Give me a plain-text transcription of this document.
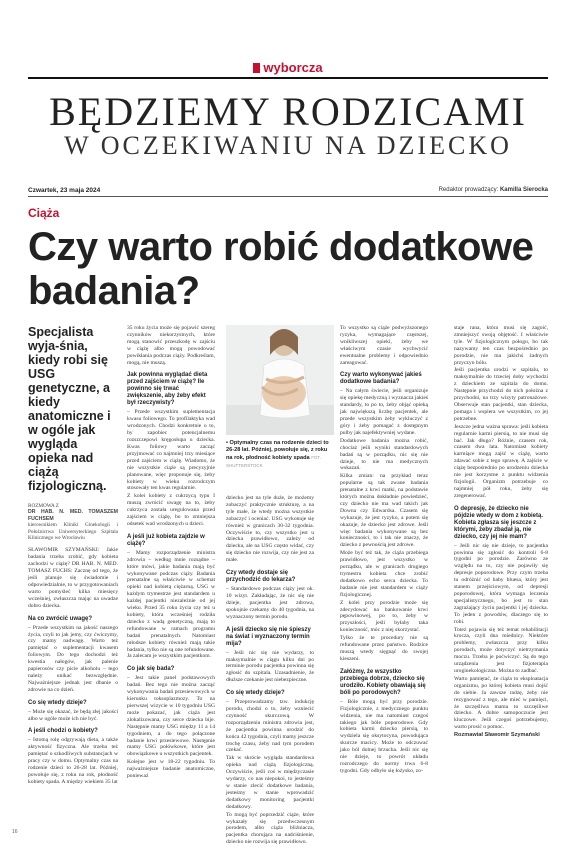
wyborcza
BĘDZIEMY RODZICAMI
W OCZEKIWANIU NA DZIECKO
Czwartek, 23 maja 2024	Redaktor prowadzący: Kamilla Sierocka
Ciąża
Czy warto robić dodatkowe badania?
Specjalista wyja-śnia, kiedy robi się USG genetyczne, a kiedy anatomiczne i w ogóle jak wygląda opieka nad ciążą fizjologiczną.
ROZMOWA Z
DR HAB. N. MED. TOMASZEM FUCHSEM
kierownikiem Kliniki Ginekologii i Położnictwa Uniwersyteckiego Szpitala Klinicznego we Wrocławiu

SŁAWOMIR SZYMAŃSKI: Jakie badania trzeba zrobić, gdy kobieta zachodzi w ciążę? DR HAB. N. MED. TOMASZ FUCHS: Zacznę od tego, że jeśli planuje się świadomie i odpowiedzialnie, to w przygotowaniach warto pomyśleć kilka miesięcy wcześniej, zwłaszcza mając na uwadze dobro dziecka.

Na co zwrócić uwagę?

– Przede wszystkim na jakość naszego życia, czyli to jak jemy, czy ćwiczymy, czy mamy nadwagę. Warto też pamiętać o suplementacji kwasem foliowym. Do tego dochodzi też kwestia nałogów, jak palenie papierosów czy picie alkoholu – tego należy unikać bezwzględnie. Najważniejsze jednak jest dbanie o zdrowie na co dzień.

Co się wtedy dzieje?

– Może się okazać, że będą złej jakości albo w ogóle może ich nie być.

A jeśli chodzi o kobiety?

– Istotną rolę odgrywają dieta, a także aktywność fizyczna. Ale trzeba też pamiętać o szkodliwych substancjach w pracy czy w domu. Optymalny czas na rodzenie dzieci to 26-28 lat. Później, powołuje się, z roku na rok, płodność kobiety spada. A między wiekiem 35 lat

35 roku życia może się pojawić szereg czynników niekorzystnych, które mogą stanowić przeszkodę w zajściu w ciążę albo mogą powodować powikłania podczas ciąży. Podkreślam, mogą, nie muszą.

Jak powinna wyglądać dieta przed zajściem w ciążę? Ile powinno się trwać zwiększenie, aby żeby efekt był rzeczywisty?

– Przede wszystkim suplementacja kwasu foliowego. To profilaktyka wad wrodzonych. Chodzi konkretnie o to, by zapobiec potencjalnemu rozszczepowi kręgosłupa u dziecka. Kwas foliowy warto zacząć przyjmować co najmniej trzy miesiące przed zajściem w ciążę. Wiadomo, że nie wszystkie ciąże są precyzyjnie planowane, więc proponuje się, żeby kobiety w wieku rozrodczym stosowały ten kwas regularnie.

Z kolei kobiety z cukrzycą typu I muszą zwrócić uwagę na to, żeby cukrzyca została uregulowana przed zajściem w ciążę, bo to zmniejsza odsetek wad wrodzonych u dzieci.

A jeśli już kobieta zajdzie w ciążę?

– Mamy rozporządzenie ministra zdrowia – według mnie rozsądne – które mówi, jakie badania mają być wykonywane podczas ciąży. Badania prenatalne są właściwie w schemat opieki nad kobietą ciężarną. USG w każdym trymestrze jest standardem u każdej pacjentki niezależnie od jej wieku. Przed 35 roku życia czy też u kobiety, która wcześniej rodziła dziecko z wadą genetyczną, mają to refundowane w ramach programu badań prenatalnych. Natomiast młodsze kobiety również mają takie badania, tylko nie są one refundowane. Ja zalecam je wszystkim pacjentkom.

Co jak się bada?

– Jest takie panel podstawowych badań. Bez tego nie można zacząć wykonywania badań przesiewowych w kierunku toksoplazmozy. To na pierwszej wizycie w 10 tygodniu USG może pokazać, jak ciąża jest zlokalizowana, czy serce dziecka bije. Następnie mamy USG między 11 a 14 tygodniem, a do tego połączone badanie krwi przesiewowe. Następnie mamy USG połówkowe, które jest obowiązkowe u wszystkich pacjentek.

Kolejne jest w 18-22 tygodniu. To najważniejsze badanie anatomiczne, ponieważ

• Optymalny czas na rodzenie dzieci to 26-28 lat. Później, powołuje się, z roku na rok, płodność kobiety spada FOT. SHUTTERSTOCK

dziecko jest na tyle duże, że możemy zobaczyć praktycznie strukturę, a na tyle małe, że wtedy można wszystkie zobaczyć i oceniać. USG wykonuje się również w granicach 30-32 tygodnia. Oczywiście to, czy wszystko jest u dziecka prawidłowo, zależy od dziecka, ale na USG często widać, czy się dziecko nie rozwija, czy nie jest za małe.

Czy wtedy dostaje się przychodzić do lekarza?

– Standardowo podczas ciąży jest ok. 10 wizyt. Zakładając, że nic się nie dzieje, pacjentka jest zdrowa, spokojnie czekamy do 40 tygodnia, na wyznaczony termin porodu.

A jeśli dziecko się nie śpieszy na świat i wyznaczony termin mija?

– Jeśli nic się nie wydarzy, to maksymalnie w ciągu kilku dni po terminie porodu pacjentka powinna się zgłosić do szpitala. Uzasadnienie, że dłuższe czekanie jest niebezpieczne.

Co się wtedy dzieje?

– Przeprowadzamy tzw. indukcję porodu, chodzi o to, żeby wzniecić czynność skurczową. W rozporządzeniu ministra zdrowia jest, że pacjentka powinna urodzić do końca 42 tygodnia, czyli mamy jeszcze trochę czasu, żeby nad tym porodem czekać.

Tak w skrócie wygląda standardowa opieka nad ciążą fizjologiczną. Oczywiście, jeśli coś w międzyczasie wydarzy, co nas niepokoi, to jesteśmy w stanie zlecić dodatkowe badania, jesteśmy w stanie wprowadzić dodatkowy monitoring pacjentki dodatkowy.

To mogą być poprzedzić ciąże, które wykazały się przedwczesnym porodem, albo ciąża bliźniacza, pacjentka chorująca na nadciśnienie, dziecko nie rozwija się prawidłowo.

To wszystko są ciąże podwyższonego ryzyka, wymagające częstszej, wnikliwszej opieki, żeby we właściwym czasie wychwycić ewentualne problemy i odpowiednio zareagować.

Czy warto wykonywać jakieś dodatkowe badania?

– Na całym świecie, jeśli organizuje się opiekę medyczną i wyznacza jakieś standardy, to po to, żeby objąć opieką jak największą liczbę pacjentek, ale przede wszystkim żeby wykluczyć z góry i żeby pomagać z dostępnym pulby jak najefektywniej wydane.

Dodatkowe badania można robić, chociaż jeśli wyniki standardowych badań są w porządku, nic się nie dzieje, to nie ma medycznych wskazań.

Kilka zmian: na przykład teraz popularne są tak zwane badania prenatalne z krwi matki, na podstawie których można dokładnie powiedzieć, czy dziecko nie ma wad takich jak Downa czy Edwardsa. Czasem się wykazuje, że jest ryzyko, a potem się okazuje, że dziecko jest zdrowe. Jeśli więc badania wykonywane są bez konieczności, to i tak nie znaczy, że dziecko z pewnością jest zdrowe.

Może być też tak, że ciąża przebiega prawidłowo, jest wszystko w porządku, ale w granicach drugiego trymestru kobieta chce zrobić dodatkowo echo serca dziecka. To badanie nie jest standardem w ciąży fizjologicznej.

Z kolei przy porodzie może się zdecydować na bankowanie krwi pępowinowej, po to, żeby w przyszłości, jeśli byłaby taka konieczność, móc z niej skorzystać.

Tylko że te procedury nie są refundowane przez państwo. Rodzice muszą wtedy sięgnąć do swojej kieszeni.

Załóżmy, że wszystko przebiega dobrze, dziecko się urodziło. Kobiety obawiają się bóli po porodowych?

– Bóle mogą być przy porodzie. Fizjologicznie, z medycznego punktu widzenia, nie ma natomiast czegoś takiego jak bóle poporodowe. Gdy kobieta karmi dziecko piersią, to wydziela się oksytocyna, powodująca skurcze macicy. Może to odczuwać jako ból dolnej brzucha. Jeśli nic się nie dzieje, to powrót układu rozrodczego do normy trwa 6-8 tygodni. Gdy odbyło się łożysko, zo-

staje rana, która musi się zagoić, zmniejszyć swoją objętość. I właściwie tyle. W fizjologicznym połogu, bo tak nazywamy ten czas bezpośrednio po porodzie, nie ma jakichś żadnych przyczyn bólu.

Jeśli pacjentka urodzi w szpitalu, to maksymalnie do trzeciej doby wychodzi z dzieckiem ze szpitala do domu. Następnie przychodzi do nich położna z przychodni, na trzy wizyty patronażowe. Obserwuje stan pacjentki, stan dziecka, pomaga i wspiera we wszystkim, co jej potrzebne.

Jeszcze jedna ważna sprawa: jeśli kobieta regularnie karmi piersią, to nie musi się bać. Jak długo? Różnie, czasem rok, czasem dwa lata. Natomiast kobiety karmiące mogą zajść w ciążę, warto zdawać sobie z tego sprawę. A zajście w ciążę bezpośrednio po urodzeniu dziecka nie jest korzystne z punktu widzenia fizjologii. Organizm potrzebuje co najmniej pół roku, żeby się zregenerować.

O depresję, że dziecko nie pójdzie wtedy w dom z kobietą. Kobieta zgłasza się jeszcze z którymi, żeby zbadał ją, nie dziecko, czy jej nie mam?

– Jeśli nic się nie dzieje, to pacjentka powinna się zgłosić do kontroli 6-8 tygodni po porodzie. Zarówno ze względu na to, czy nie pojawiły się depresje poporodowe. Przy czym trzeba tu odróżnić od baby bluesa, który jest stanem przejściowym, od depresji poporodowej, która wymaga leczenia specjalistycznego, bo jest to stan zagrażający życiu pacjentki i jej dziecka. To jeden z powodów, dlaczego się to robi.

Toteż pojawia się też temat rehabilitacji krocza, czyli dna miednicy. Niektóre problemy, zwłaszcza przy kilku porodach, może dotyczyć nietrzymania moczu. Trzeba je poćwiczyć. Są do tego urządzenia jest fizjoterapia uroginekologiczna. Można to zadbać.

Warto pamiętać, że ciąża to eksploatacja organizmu, po której kobieta musi dojść do siebie. Ja zawsze radzę, żeby nie rezygnować z tego, ale mieć w pamięci, że szczęśliwa mama to szczęśliwe dziecko. A dobre samopoczucie jest kluczowe. Jeśli czegoś potrzebujemy, warto prosić o pomoc.

Rozmawiał Sławomir Szymański

16
